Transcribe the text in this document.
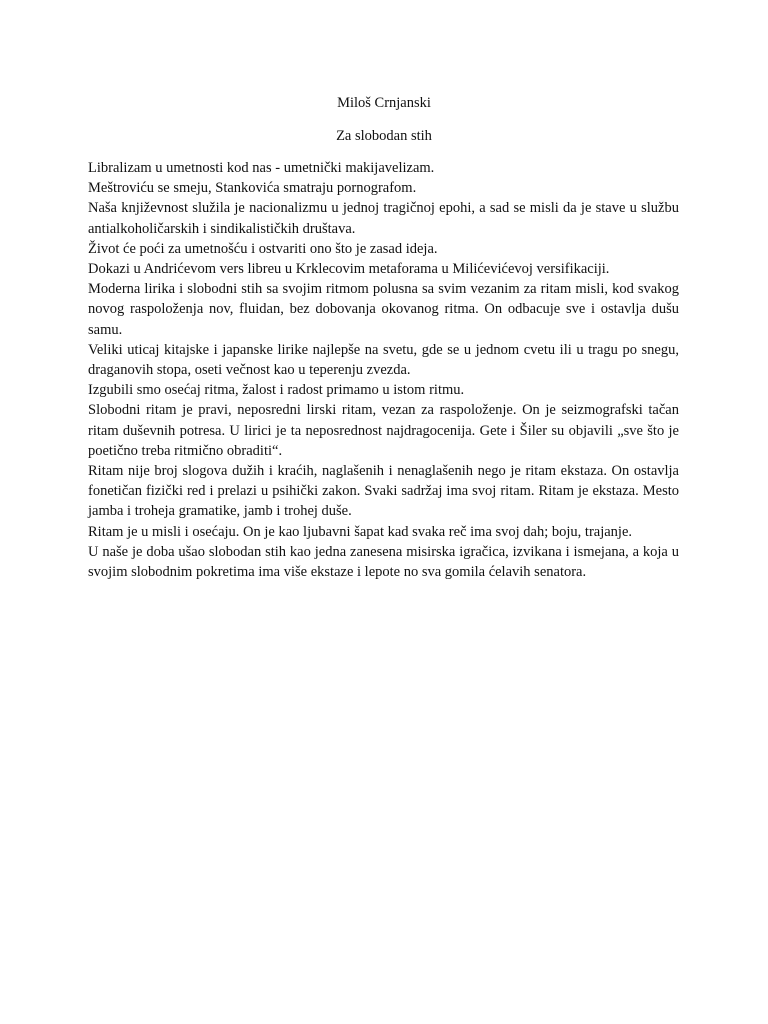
Miloš Crnjanski
Za slobodan stih

Libralizam u umetnosti kod nas - umetnički makijavelizam.

Meštroviću se smeju, Stankovića smatraju pornografom.

Naša književnost služila je nacionalizmu u jednoj tragičnoj epohi, a sad se misli da je stave u službu antialkoholičarskih i sindikalističkih društava.

Život će poći za umetnošću i ostvariti ono što je zasad ideja.

Dokazi u Andrićevom vers libreu u Krklecovim metaforama u Milićevićevoj versifikaciji.

Moderna lirika i slobodni stih sa svojim ritmom polusna sa svim vezanim za ritam misli, kod svakog novog raspoloženja nov, fluidan, bez dobovanja okovanog ritma. On odbacuje sve i ostavlja dušu samu.

Veliki uticaj kitajske i japanske lirike najlepše na svetu, gde se u jednom cvetu ili u tragu po snegu, draganovih stopa, oseti večnost kao u teperenju zvezda.

Izgubili smo osećaj ritma, žalost i radost primamo u istom ritmu.

Slobodni ritam je pravi, neposredni lirski ritam, vezan za raspoloženje. On je seizmografski tačan ritam duševnih potresa. U lirici je ta neposrednost najdragocenija. Gete i Šiler su objavili „sve što je poetično treba ritmično obraditi“.

Ritam nije broj slogova dužih i kraćih, naglašenih i nenaglašenih nego je ritam ekstaza. On ostavlja fonetičan fizički red i prelazi u psihički zakon. Svaki sadržaj ima svoj ritam. Ritam je ekstaza. Mesto jamba i troheja gramatike, jamb i trohej duše.

Ritam je u misli i osećaju. On je kao ljubavni šapat kad svaka reč ima svoj dah; boju, trajanje.

U naše je doba ušao slobodan stih kao jedna zanesena misirska igračica, izvikana i ismejana, a koja u svojim slobodnim pokretima ima više ekstaze i lepote no sva gomila ćelavih senatora.
